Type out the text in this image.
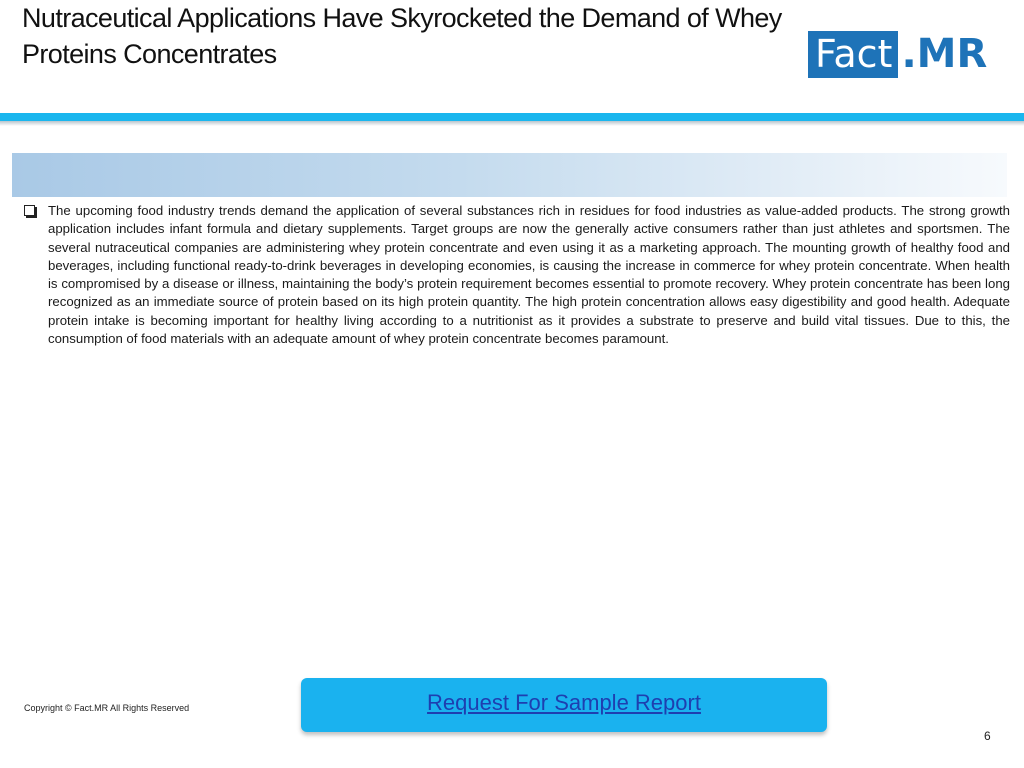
Nutraceutical Applications Have Skyrocketed the Demand of Whey
Proteins Concentrates	Fact .MR
The upcoming food industry trends demand the application of several substances rich in residues for food industries as value-added products. The strong growth application includes infant formula and dietary supplements. Target groups are now the generally active consumers rather than just athletes and sportsmen. The several nutraceutical companies are administering whey protein concentrate and even using it as a marketing approach. The mounting growth of healthy food and beverages, including functional ready-to-drink beverages in developing economies, is causing the increase in commerce for whey protein concentrate. When health is compromised by a disease or illness, maintaining the body’s protein requirement becomes essential to promote recovery. Whey protein concentrate has been long recognized as an immediate source of protein based on its high protein quantity. The high protein concentration allows easy digestibility and good health. Adequate protein intake is becoming important for healthy living according to a nutritionist as it provides a substrate to preserve and build vital tissues. Due to this, the consumption of food materials with an adequate amount of whey protein concentrate becomes paramount.
Copyright © Fact.MR All Rights Reserved	Request For Sample Report
6
